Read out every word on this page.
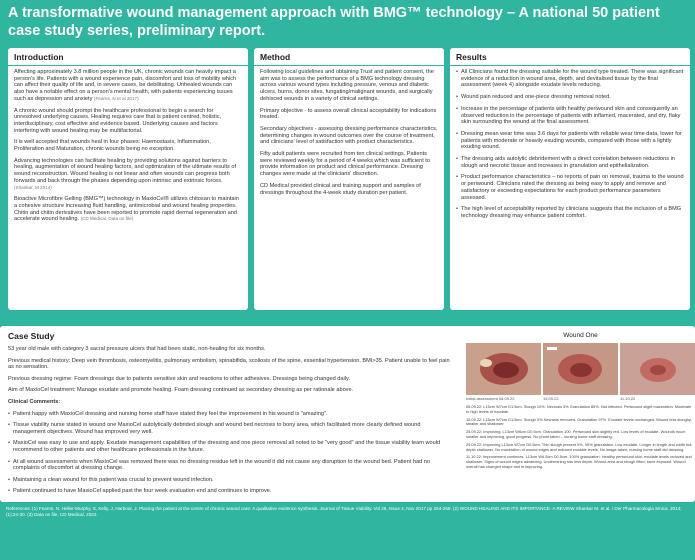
A transformative wound management approach with BMG™ technology – A national 50 patient case study series, preliminary report.
Introduction

Affecting approximately 3.8 million people in the UK, chronic wounds can heavily impact a person's life. Patients with a wound experience pain, discomfort and loss of mobility which can affect their quality of life and, in severe cases, be debilitating. Unhealed wounds can also have a notable effect on a person's mental health, with patients experiencing issues such as depression and anxiety (Fearns, N et al 2017)

A chronic wound should prompt the healthcare professional to begin a search for unresolved underlying causes. Healing requires care that is patient centred, holistic, interdisciplinary, cost effective and evidence based. Underlying causes and factors interfering with wound healing may be multifactorial.

It is well accepted that wounds heal in four phases: Haemostasis, Inflammation, Proliferation and Maturation, chronic wounds being no exception.

Advancing technologies can facilitate healing by providing solutions against barriers to healing, augmentation of wound healing factors, and optimization of the ultimate results of wound reconstruction. Wound healing is not linear and often wounds can progress both forwards and back through the phases depending upon intrinsic and extrinsic forces. (Shankar, M 2014)

Bioactive Microfibre Gelling (BMG™) technology in MaxioCel® utilizes chitosan to maintain a cohesive structure increasing fluid handling, antimicrobial and wound healing properties. Chitin and chitin derivatives have been reported to promote rapid dermal regeneration and accelerate wound healing. (CD Medical, Data on file)

Method

Following local guidelines and obtaining Trust and patient consent, the aim was to assess the performance of a BMG technology dressing across various wound types including pressure, venous and diabetic ulcers, burns, donor sites, fungating/malignant wounds, and surgically dehisced wounds in a variety of clinical settings.

Primary objective - to assess overall clinical acceptability for indications treated.

Secondary objectives - assessing dressing performance characteristics, determining changes in wound outcomes over the course of treatment, and clinicians' level of satisfaction with product characteristics.

Fifty adult patients were recruited from ten clinical settings. Patients were reviewed weekly for a period of 4 weeks which was sufficient to provide information on product and clinical performance. Dressing changes were made at the clinicians' discretion.

CD Medical provided clinical and training support and samples of dressings throughout the 4-week study duration per patient.

Results
• All Clinicians found the dressing suitable for the wound type treated. There was significant evidence of a reduction in wound area, depth, and devitalised tissue by the final assessment (week 4) alongside exudate levels reducing.
• Wound pain reduced and one-piece dressing removal noted.
• Increase in the percentage of patients with healthy periwound skin and consequently an observed reduction in the percentage of patients with inflamed, macerated, and dry, flaky skin surrounding the wound at the final assessment.
• Dressing mean wear time was 3.6 days for patients with reliable wear time data, lower for patients with moderate or heavily exuding wounds, compared with those with a lightly exuding wound.
• The dressing aids autolytic debridement with a direct correlation between reductions in slough and necrotic tissue and increases in granulation and epithelialization.
• Product performance characteristics – no reports of pain on removal, trauma to the wound or periwound. Clinicians rated the dressing as being easy to apply and remove and satisfactory or exceeding expectations for each product performance parameters assessed.
• The high level of acceptability reported by clinicians suggests that the inclusion of a BMG technology dressing may enhance patient comfort.
Case Study

53 year old male with category 3 sacral pressure ulcers that had been static, non-healing for six months.

Previous medical history: Deep vein thrombosis, osteomyelitis, pulmonary embolism, spinabifida, scoliosis of the spine, essential hypertension. BMI>35. Patient unable to feel pain as no sensation.

Previous dressing regime: Foam dressings due to patients sensitive skin and reactions to other adhesives. Dressings being changed daily.

Aim of MaxioCel treatment: Manage exudate and promote healing. Foam dressing continued as secondary dressing as per rationale above.

Clinical Comments:

• Patient happy with MaxioCel dressing and nursing home staff have stated they feel the improvement in his wound is "amazing".
• Tissue viability nurse stated in wound one MaxioCel autolytically debrided slough and wound bed necrosis to bony area, which facilitated more clearly defined wound management objectives. Wound has improved very well.
• MaxioCel was easy to use and apply. Exudate management capabilities of the dressing and one piece removal all noted to be "very good" and the tissue viability team would recommend to other patients and other healthcare professionals in the future.
• At all wound assessments when MaxioCel was removed there was no dressing residue left in the wound it did not cause any disruption to the wound bed. Patient had no complaints of discomfort at dressing change.
• Maintaining a clean wound for this patient was crucial to prevent wound infection.
• Patient continued to have MaxioCel applied past the four week evaluation end and continues to improve.
Wound One
Initial assessment 08.09.22	15.09.22	11.10.22

08.09.22: L15cm W7cm D1.5cm. Slough 10%. Necrosis 5% Granulation 85%. Not infected. Periwound slight maceration. Moderate to high levels of exudate.

15.09.22: L15cm W7cm D1.5cm. Slough 3% Necrosis removed. Granulation 97%. Exudate levels unchanged. Wound less sloughy, smaller and shallower.

25.09.22: Improving. L13cm W6cm D0.5cm. Granulation 100. Periwound skin slightly red. Low levels of exudate. Wounds much smaller and improving, good progress. No photo taken – nursing home staff dressing.

29.09.22: Improving L13cm W7cm D0.5cm. Thin slough present 5%, 95% granulation. Low exudate. Longer in length and width but depth shallower. No maceration of wound edges and reduced exudate levels. No image taken; nursing home staff did dressing.

11.10.22: Improvement continues. L13cm W6.5cm D0.5cm. 100% granulation. Healthy periwound skin, exudate levels reduced and shallower. Signs of wound edges advancing. Undermining has less depth. Wound area and slough lifted; bone exposed. Wound overall has changed shape and is improving.

References: (1) Fearns, N, Heller-Murphy, S, Kelly, J, Harbour, J. Placing the patient at the centre of chronic wound care: A qualitative evidence synthesis. Journal of Tissue Viability. Vol 26, Issue 4, Nov 2017 pp 254-259. (2) WOUND HEALING AND ITS IMPORTANCE- A REVIEW Shankar M. et al. / Der Pharmacologia Sinica. 2014;(1):24-30. (3) Data on file, CD Medical, 2022.
